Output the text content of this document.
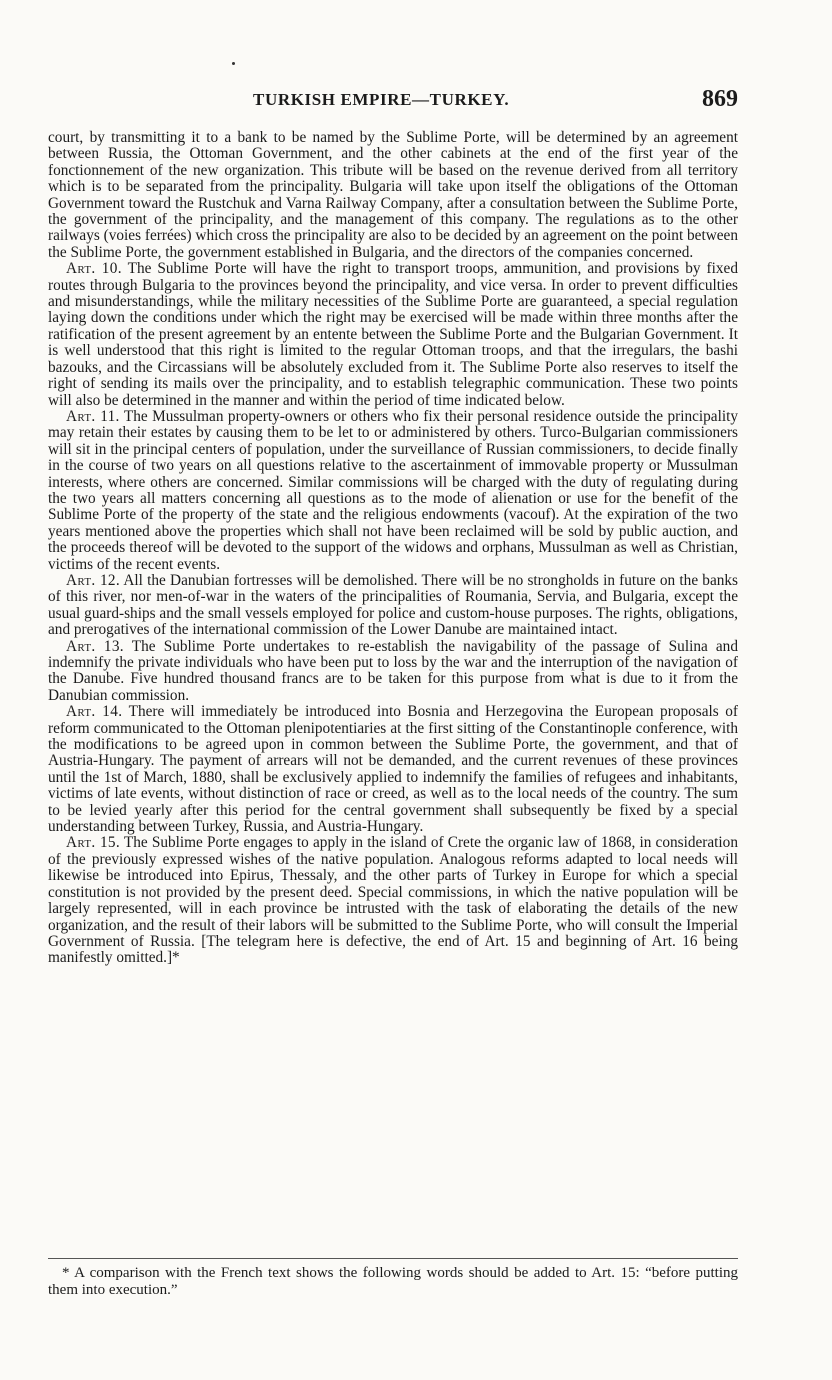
TURKISH EMPIRE—TURKEY.	869

court, by transmitting it to a bank to be named by the Sublime Porte, will be determined by an agreement between Russia, the Ottoman Government, and the other cabinets at the end of the first year of the fonctionnement of the new organization. This tribute will be based on the revenue derived from all territory which is to be separated from the principality. Bulgaria will take upon itself the obligations of the Ottoman Government toward the Rustchuk and Varna Railway Company, after a consultation between the Sublime Porte, the government of the principality, and the management of this company. The regulations as to the other railways (voies ferrées) which cross the principality are also to be decided by an agreement on the point between the Sublime Porte, the government established in Bulgaria, and the directors of the companies concerned.

Art. 10. The Sublime Porte will have the right to transport troops, ammunition, and provisions by fixed routes through Bulgaria to the provinces beyond the principality, and vice versa. In order to prevent difficulties and misunderstandings, while the military necessities of the Sublime Porte are guaranteed, a special regulation laying down the conditions under which the right may be exercised will be made within three months after the ratification of the present agreement by an entente between the Sublime Porte and the Bulgarian Government. It is well understood that this right is limited to the regular Ottoman troops, and that the irregulars, the bashi bazouks, and the Circassians will be absolutely excluded from it. The Sublime Porte also reserves to itself the right of sending its mails over the principality, and to establish telegraphic communication. These two points will also be determined in the manner and within the period of time indicated below.

Art. 11. The Mussulman property-owners or others who fix their personal residence outside the principality may retain their estates by causing them to be let to or administered by others. Turco-Bulgarian commissioners will sit in the principal centers of population, under the surveillance of Russian commissioners, to decide finally in the course of two years on all questions relative to the ascertainment of immovable property or Mussulman interests, where others are concerned. Similar commissions will be charged with the duty of regulating during the two years all matters concerning all questions as to the mode of alienation or use for the benefit of the Sublime Porte of the property of the state and the religious endowments (vacouf). At the expiration of the two years mentioned above the properties which shall not have been reclaimed will be sold by public auction, and the proceeds thereof will be devoted to the support of the widows and orphans, Mussulman as well as Christian, victims of the recent events.

Art. 12. All the Danubian fortresses will be demolished. There will be no strongholds in future on the banks of this river, nor men-of-war in the waters of the principalities of Roumania, Servia, and Bulgaria, except the usual guard-ships and the small vessels employed for police and custom-house purposes. The rights, obligations, and prerogatives of the international commission of the Lower Danube are maintained intact.

Art. 13. The Sublime Porte undertakes to re-establish the navigability of the passage of Sulina and indemnify the private individuals who have been put to loss by the war and the interruption of the navigation of the Danube. Five hundred thousand francs are to be taken for this purpose from what is due to it from the Danubian commission.

Art. 14. There will immediately be introduced into Bosnia and Herzegovina the European proposals of reform communicated to the Ottoman plenipotentiaries at the first sitting of the Constantinople conference, with the modifications to be agreed upon in common between the Sublime Porte, the government, and that of Austria-Hungary. The payment of arrears will not be demanded, and the current revenues of these provinces until the 1st of March, 1880, shall be exclusively applied to indemnify the families of refugees and inhabitants, victims of late events, without distinction of race or creed, as well as to the local needs of the country. The sum to be levied yearly after this period for the central government shall subsequently be fixed by a special understanding between Turkey, Russia, and Austria-Hungary.

Art. 15. The Sublime Porte engages to apply in the island of Crete the organic law of 1868, in consideration of the previously expressed wishes of the native population. Analogous reforms adapted to local needs will likewise be introduced into Epirus, Thessaly, and the other parts of Turkey in Europe for which a special constitution is not provided by the present deed. Special commissions, in which the native population will be largely represented, will in each province be intrusted with the task of elaborating the details of the new organization, and the result of their labors will be submitted to the Sublime Porte, who will consult the Imperial Government of Russia. [The telegram here is defective, the end of Art. 15 and beginning of Art. 16 being manifestly omitted.]*

* A comparison with the French text shows the following words should be added to Art. 15: “before putting them into execution.”
